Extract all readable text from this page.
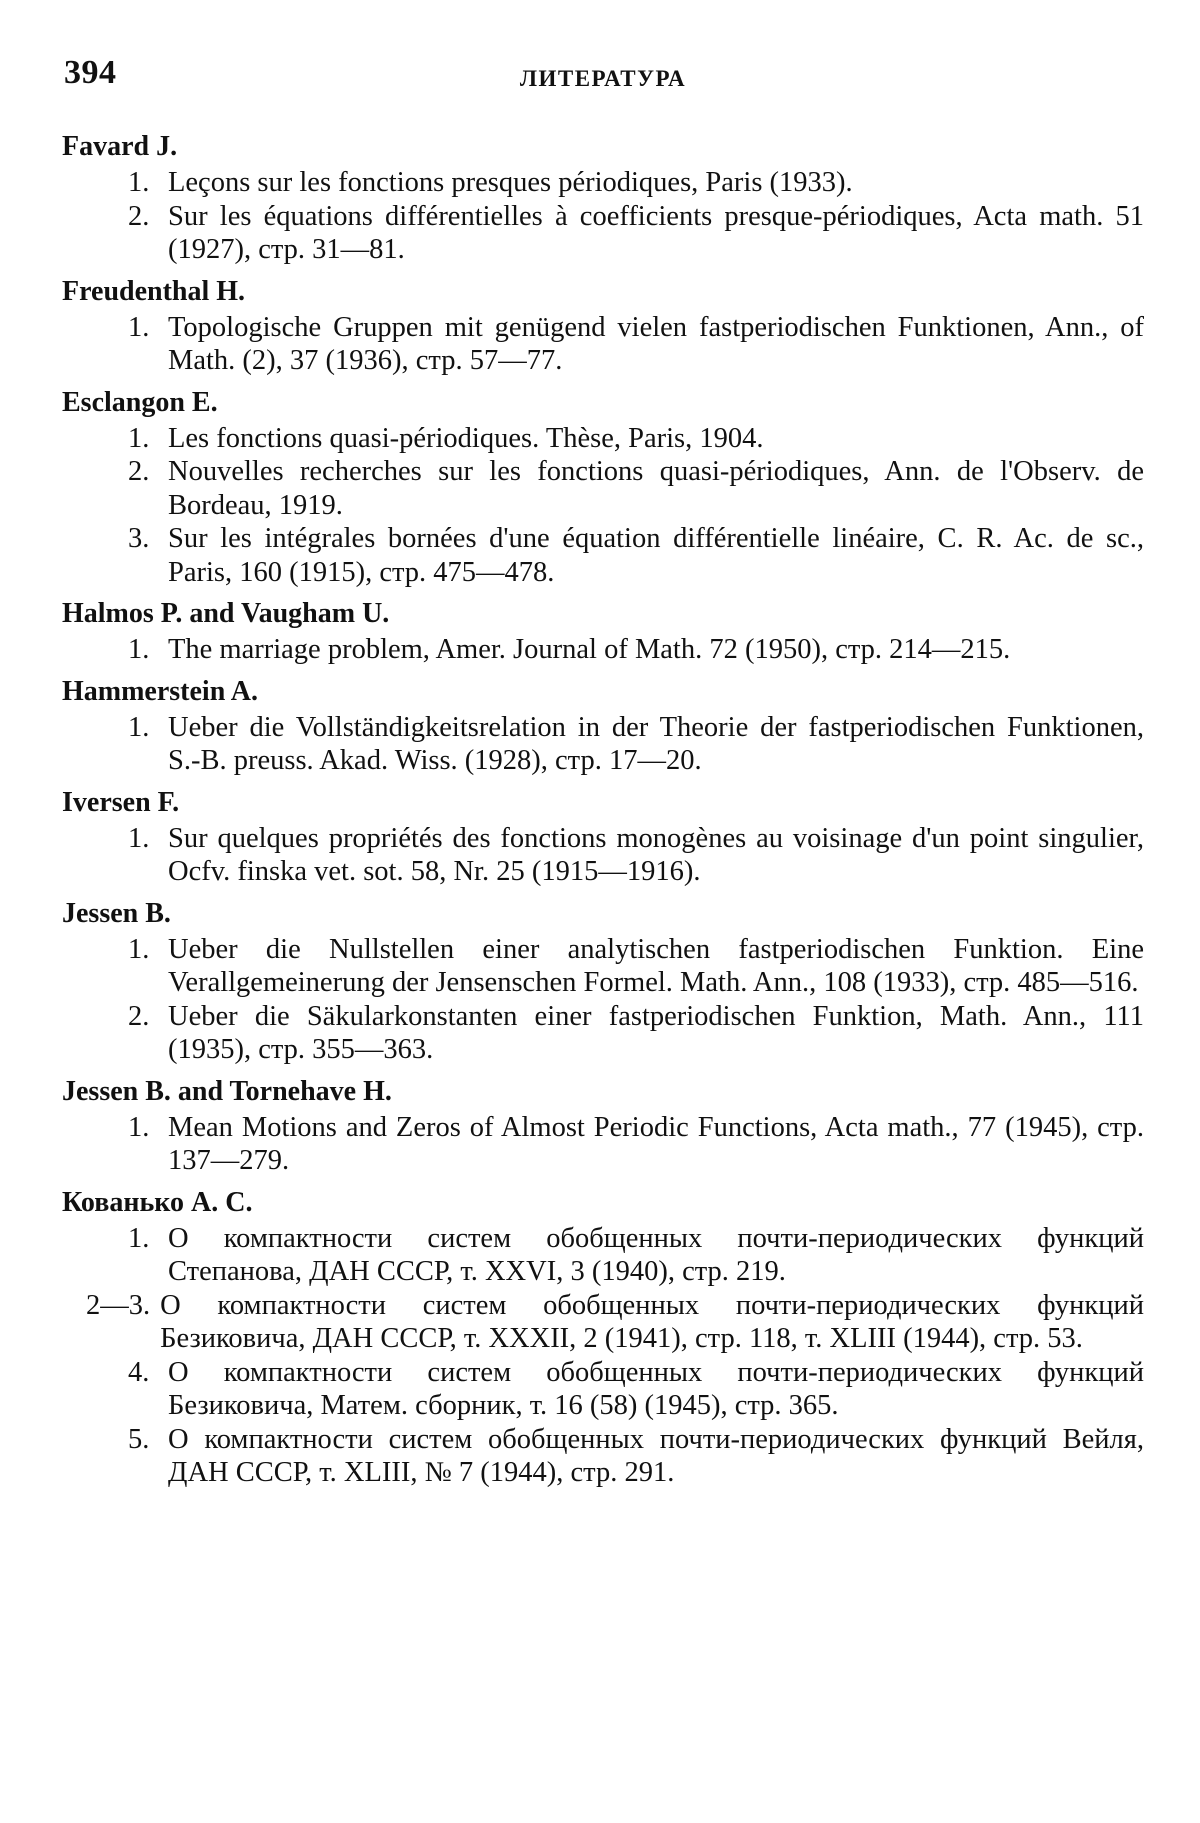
394	ЛИТЕРАТУРА
Favard J.
1. Leçons sur les fonctions presques périodiques, Paris (1933).
2. Sur les équations différentielles à coefficients presque-périodiques, Acta math. 51 (1927), стр. 31—81.
Freudenthal H.
1. Topologische Gruppen mit genügend vielen fastperiodischen Funktionen, Ann., of Math. (2), 37 (1936), стр. 57—77.
Esclangon E.
1. Les fonctions quasi-périodiques. Thèse, Paris, 1904.
2. Nouvelles recherches sur les fonctions quasi-périodiques, Ann. de l'Observ. de Bordeau, 1919.
3. Sur les intégrales bornées d'une équation différentielle linéaire, C. R. Ac. de sc., Paris, 160 (1915), стр. 475—478.
Halmos P. and Vaugham U.
1. The marriage problem, Amer. Journal of Math. 72 (1950), стр. 214—215.
Hammerstein A.
1. Ueber die Vollständigkeitsrelation in der Theorie der fastperiodischen Funktionen, S.-B. preuss. Akad. Wiss. (1928), стр. 17—20.
Iversen F.
1. Sur quelques propriétés des fonctions monogènes au voisinage d'un point singulier, Ocfv. finska vet. sot. 58, Nr. 25 (1915—1916).
Jessen B.
1. Ueber die Nullstellen einer analytischen fastperiodischen Funktion. Eine Verallgemeinerung der Jensenschen Formel. Math. Ann., 108 (1933), стр. 485—516.
2. Ueber die Säkularkonstanten einer fastperiodischen Funktion, Math. Ann., 111 (1935), стр. 355—363.
Jessen B. and Tornehave H.
1. Mean Motions and Zeros of Almost Periodic Functions, Acta math., 77 (1945), стр. 137—279.
Кованько А. С.
1. О компактности систем обобщенных почти-периодических функций Степанова, ДАН СССР, т. XXVI, 3 (1940), стр. 219.
2—3. О компактности систем обобщенных почти-периодических функций Безиковича, ДАН СССР, т. XXXII, 2 (1941), стр. 118, т. XLIII (1944), стр. 53.
4. О компактности систем обобщенных почти-периодических функций Безиковича, Матем. сборник, т. 16 (58) (1945), стр. 365.
5. О компактности систем обобщенных почти-периодических функций Вейля, ДАН СССР, т. XLIII, № 7 (1944), стр. 291.
